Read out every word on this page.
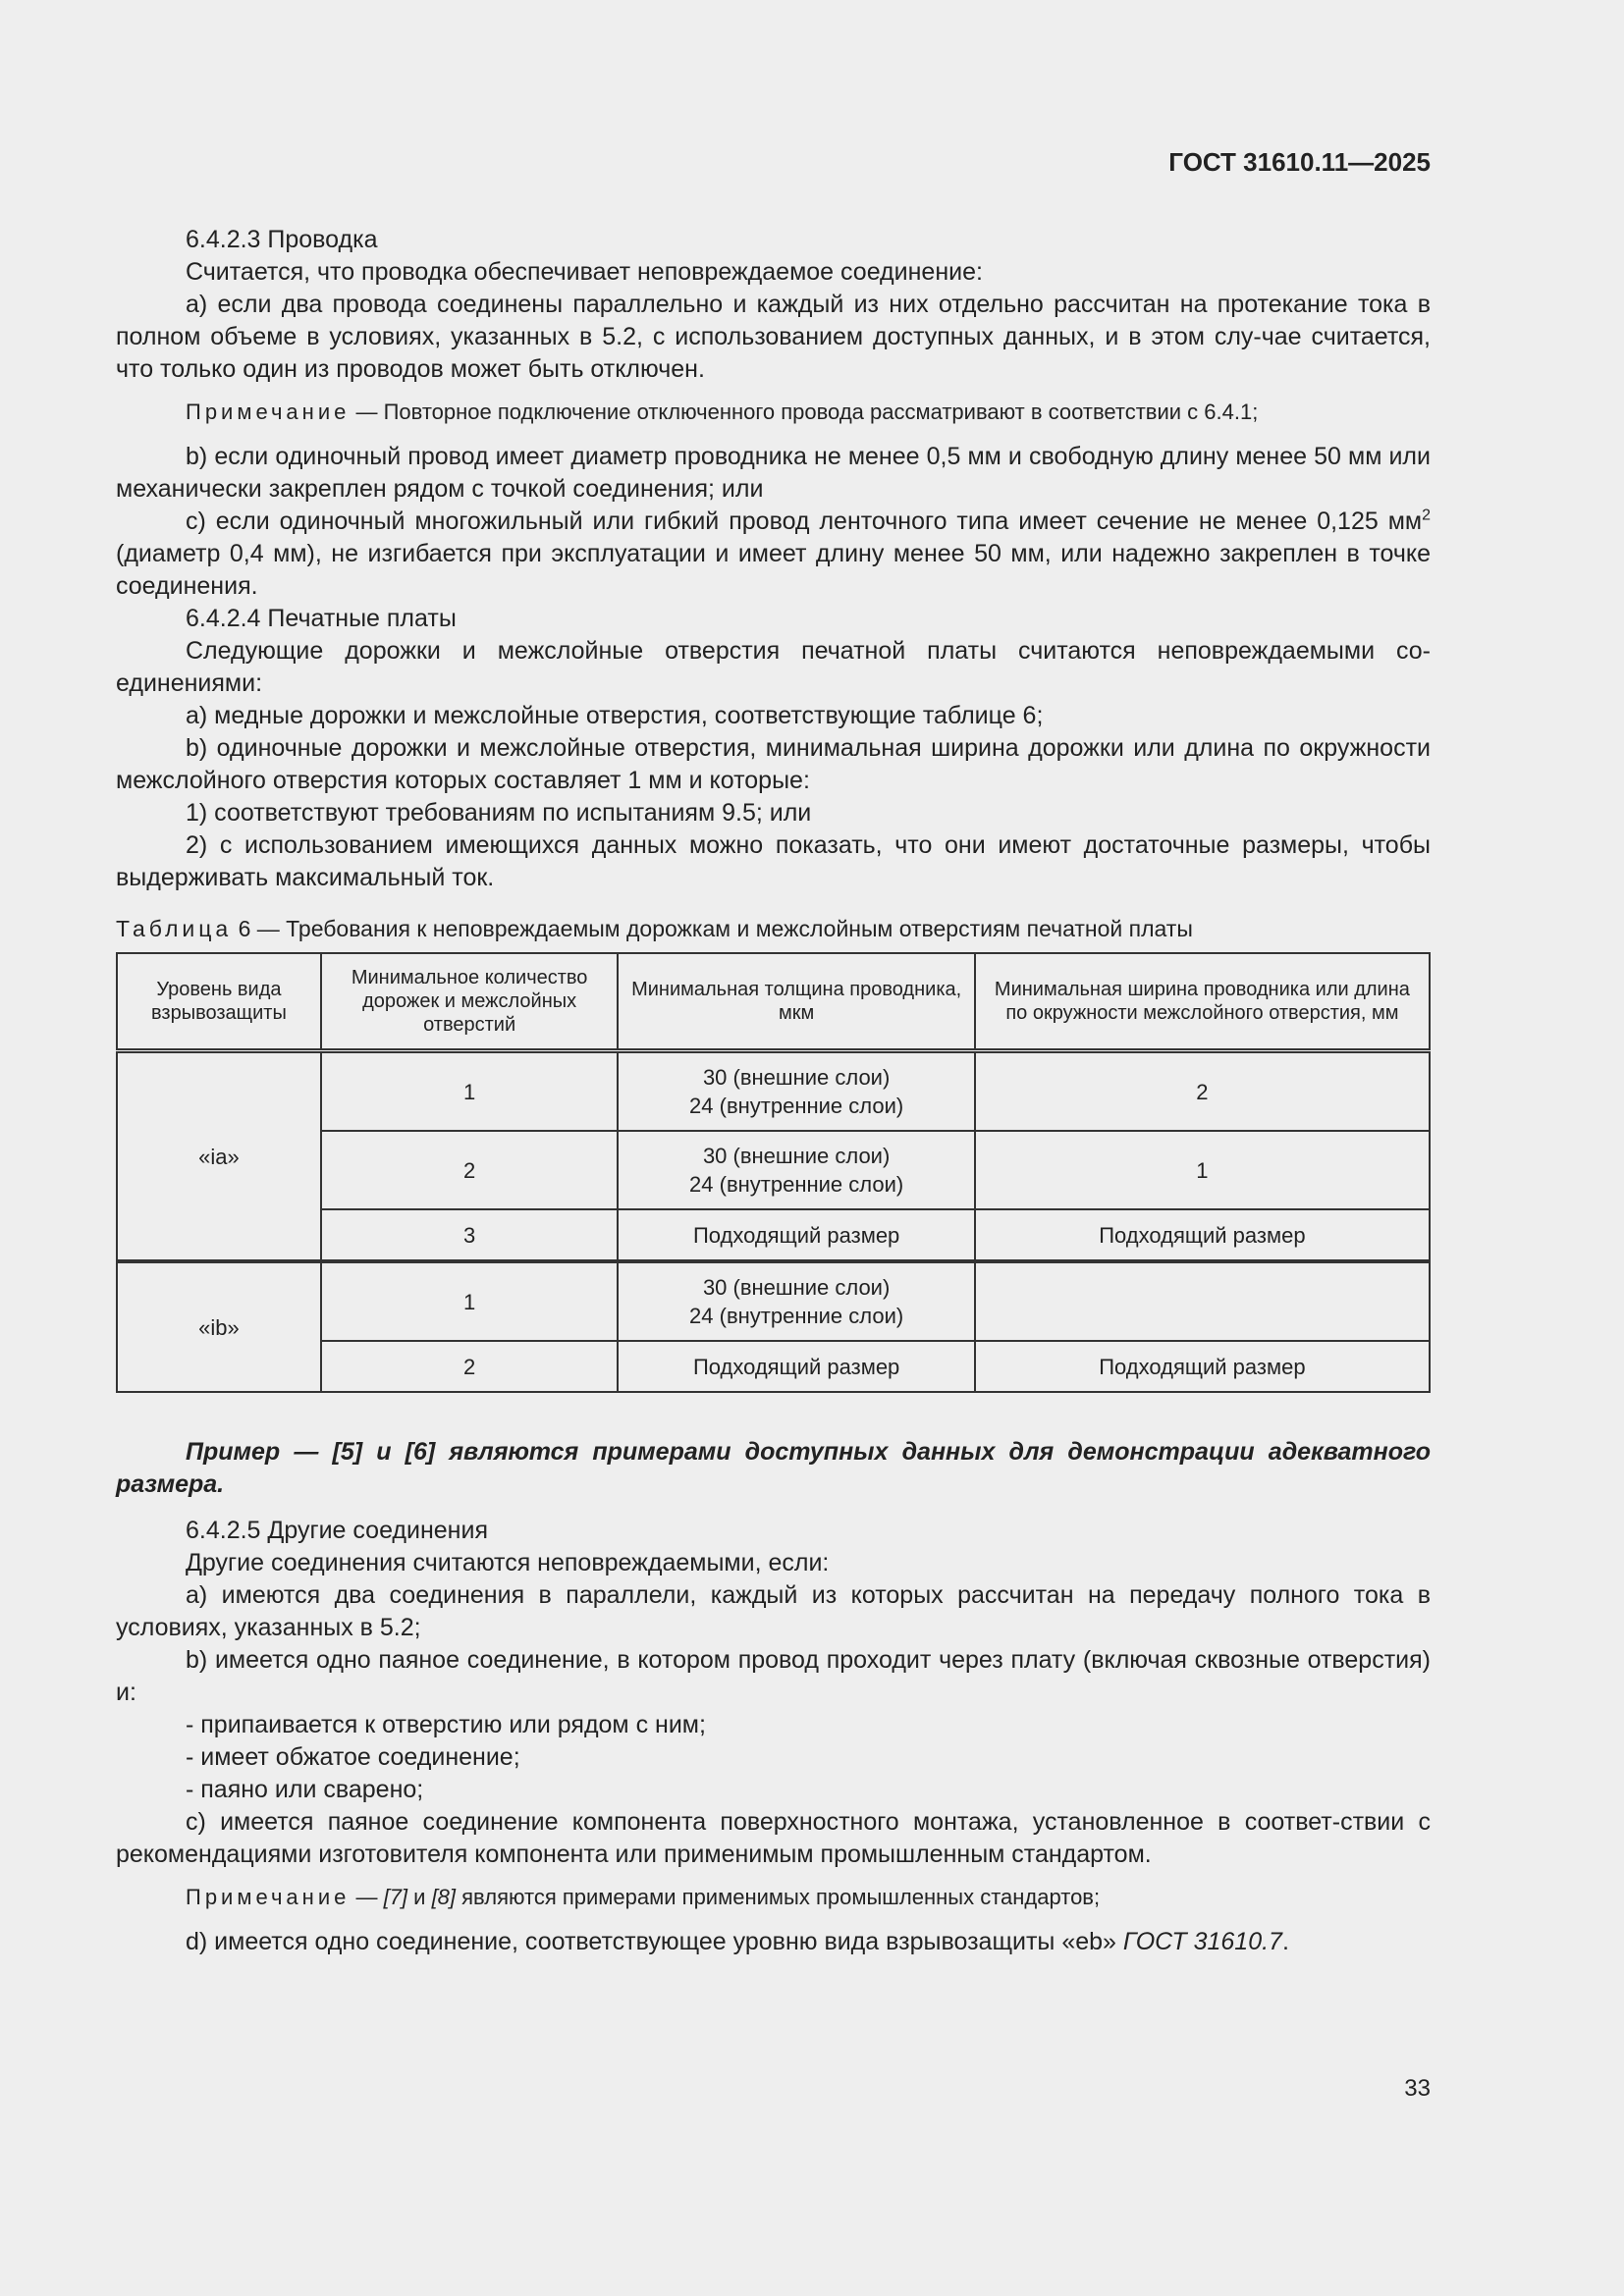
ГОСТ 31610.11—2025

6.4.2.3 Проводка

Считается, что проводка обеспечивает неповреждаемое соединение:

а) если два провода соединены параллельно и каждый из них отдельно рассчитан на протекание тока в полном объеме в условиях, указанных в 5.2, с использованием доступных данных, и в этом слу-чае считается, что только один из проводов может быть отключен.

Примечание — Повторное подключение отключенного провода рассматривают в соответствии с 6.4.1;

b) если одиночный провод имеет диаметр проводника не менее 0,5 мм и свободную длину менее 50 мм или механически закреплен рядом с точкой соединения; или

c) если одиночный многожильный или гибкий провод ленточного типа имеет сечение не менее 0,125 $мм^2$ (диаметр 0,4 мм), не изгибается при эксплуатации и имеет длину менее 50 мм, или надежно закреплен в точке соединения.

6.4.2.4 Печатные платы

Следующие дорожки и межслойные отверстия печатной платы считаются неповреждаемыми со-единениями:

а) медные дорожки и межслойные отверстия, соответствующие таблице 6;

b) одиночные дорожки и межслойные отверстия, минимальная ширина дорожки или длина по окружности межслойного отверстия которых составляет 1 мм и которые:

1) соответствуют требованиям по испытаниям 9.5; или

2) с использованием имеющихся данных можно показать, что они имеют достаточные размеры, чтобы выдерживать максимальный ток.

Таблица 6 — Требования к неповреждаемым дорожкам и межслойным отверстиям печатной платы
Уровень вида взрывозащиты	Минимальное количество дорожек и межслойных отверстий	Минимальная толщина проводника, мкм	Минимальная ширина проводника или длина по окружности межслойного отверстия, мм
«ia»	1	30 (внешние слои)
24 (внутренние слои)	2
	2	30 (внешние слои)
24 (внутренние слои)	1
	3	Подходящий размер	Подходящий размер
«ib»	1	30 (внешние слои)
24 (внутренние слои)	

	2	Подходящий размер	Подходящий размер

Пример — [5] и [6] являются примерами доступных данных для демонстрации адекватного размера.

6.4.2.5 Другие соединения

Другие соединения считаются неповреждаемыми, если:

а) имеются два соединения в параллели, каждый из которых рассчитан на передачу полного тока в условиях, указанных в 5.2;

b) имеется одно паяное соединение, в котором провод проходит через плату (включая сквозные отверстия) и:

- припаивается к отверстию или рядом с ним;

- имеет обжатое соединение;

- паяно или сварено;

c) имеется паяное соединение компонента поверхностного монтажа, установленное в соответ-ствии с рекомендациями изготовителя компонента или применимым промышленным стандартом.

Примечание — [7] и [8] являются примерами применимых промышленных стандартов;

d) имеется одно соединение, соответствующее уровню вида взрывозащиты «eb» ГОСТ 31610.7.

33
